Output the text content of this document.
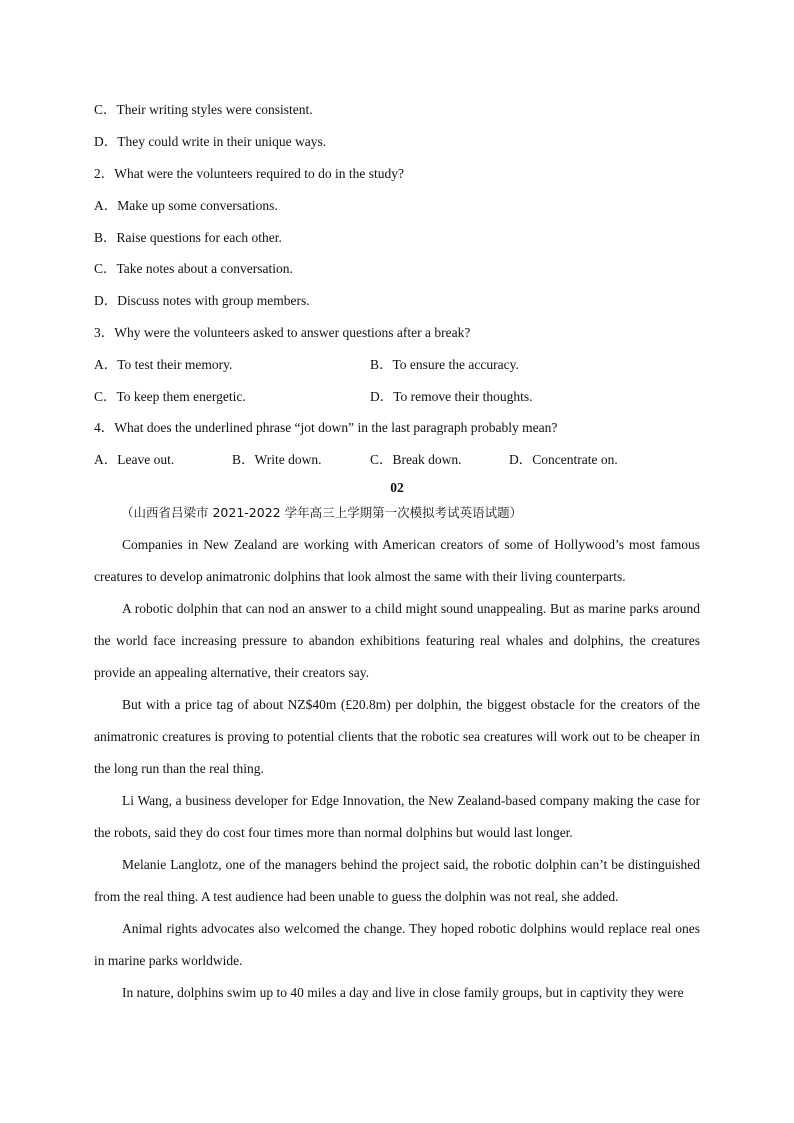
C．Their writing styles were consistent.
D．They could write in their unique ways.
2．What were the volunteers required to do in the study?
A．Make up some conversations.
B．Raise questions for each other.
C．Take notes about a conversation.
D．Discuss notes with group members.
3．Why were the volunteers asked to answer questions after a break?
A．To test their memory.	B．To ensure the accuracy.
C．To keep them energetic.	D．To remove their thoughts.
4．What does the underlined phrase “jot down” in the last paragraph probably mean?
A．Leave out.	B．Write down.	C．Break down.	D．Concentrate on.
02
（山西省吕梁市 2021-2022 学年高三上学期第一次模拟考试英语试题）

Companies in New Zealand are working with American creators of some of Hollywood’s most famous creatures to develop animatronic dolphins that look almost the same with their living counterparts.

A robotic dolphin that can nod an answer to a child might sound unappealing. But as marine parks around the world face increasing pressure to abandon exhibitions featuring real whales and dolphins, the creatures provide an appealing alternative, their creators say.

But with a price tag of about NZ$40m (£20.8m) per dolphin, the biggest obstacle for the creators of the animatronic creatures is proving to potential clients that the robotic sea creatures will work out to be cheaper in the long run than the real thing.

Li Wang, a business developer for Edge Innovation, the New Zealand-based company making the case for the robots, said they do cost four times more than normal dolphins but would last longer.

Melanie Langlotz, one of the managers behind the project said, the robotic dolphin can’t be distinguished from the real thing. A test audience had been unable to guess the dolphin was not real, she added.

Animal rights advocates also welcomed the change. They hoped robotic dolphins would replace real ones in marine parks worldwide.

In nature, dolphins swim up to 40 miles a day and live in close family groups, but in captivity they were
